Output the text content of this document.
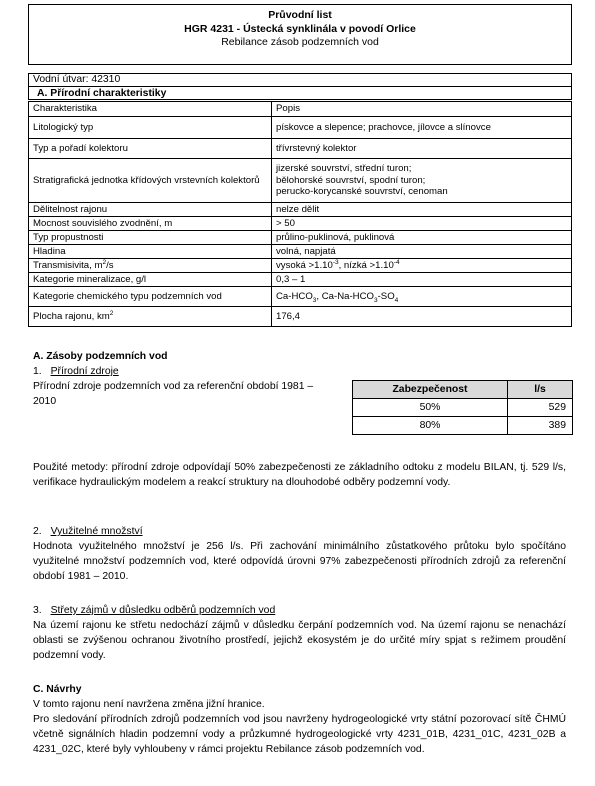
Průvodní list
HGR 4231 - Ústecká synklinála v povodí Orlice
Rebilance zásob podzemních vod
Vodní útvar: 42310
A. Přírodní charakteristiky
Charakteristika	Popis
Litologický typ	pískovce a slepence; prachovce, jílovce a slínovce
Typ a pořadí kolektoru	třívrstevný kolektor
Stratigrafická jednotka křídových vrstevních kolektorů	jizerské souvrství, střední turon;
bělohorské souvrství, spodní turon;
perucko-korycanské souvrství, cenoman

Dělitelnost rajonu	nelze dělit
Mocnost souvislého zvodnění, m	> 50
Typ propustnosti	průlino-puklinová, puklinová
Hladina	volná, napjatá
Transmisivita, $m^2/s$	vysoká $>1.10^{-3}$, nízká $>1.10^{-4}$
Kategorie mineralizace, g/l	0,3 – 1
Kategorie chemického typu podzemních vod	$Ca-HCO_3$, $Ca-Na-HCO_3-SO_4$
Plocha rajonu, $km^2$	176,4
A. Zásoby podzemních vod
1. Přírodní zdroje
Přírodní zdroje podzemních vod za referenční období 1981 – 2010
Zabezpečenost	l/s
50%	529
80%	389
Použité metody: přírodní zdroje odpovídají 50% zabezpečenosti ze základního odtoku z modelu BILAN, tj. 529 l/s, verifikace hydraulickým modelem a reakcí struktury na dlouhodobé odběry podzemní vody.
2. Využitelné množství
Hodnota využitelného množství je 256 l/s. Při zachování minimálního zůstatkového průtoku bylo spočítáno využitelné množství podzemních vod, které odpovídá úrovni 97% zabezpečenosti přírodních zdrojů za referenční období 1981 – 2010.
3. Střety zájmů v důsledku odběrů podzemních vod
Na území rajonu ke střetu nedochází zájmů v důsledku čerpání podzemních vod. Na území rajonu se nenachází oblasti se zvýšenou ochranou životního prostředí, jejichž ekosystém je do určité míry spjat s režimem proudění podzemní vody.
C. Návrhy
V tomto rajonu není navržena změna jižní hranice.
Pro sledování přírodních zdrojů podzemních vod jsou navrženy hydrogeologické vrty státní pozorovací sítě ČHMÚ včetně signálních hladin podzemní vody a průzkumné hydrogeologické vrty 4231_01B, 4231_01C, 4231_02B a 4231_02C, které byly vyhloubeny v rámci projektu Rebilance zásob podzemních vod.
